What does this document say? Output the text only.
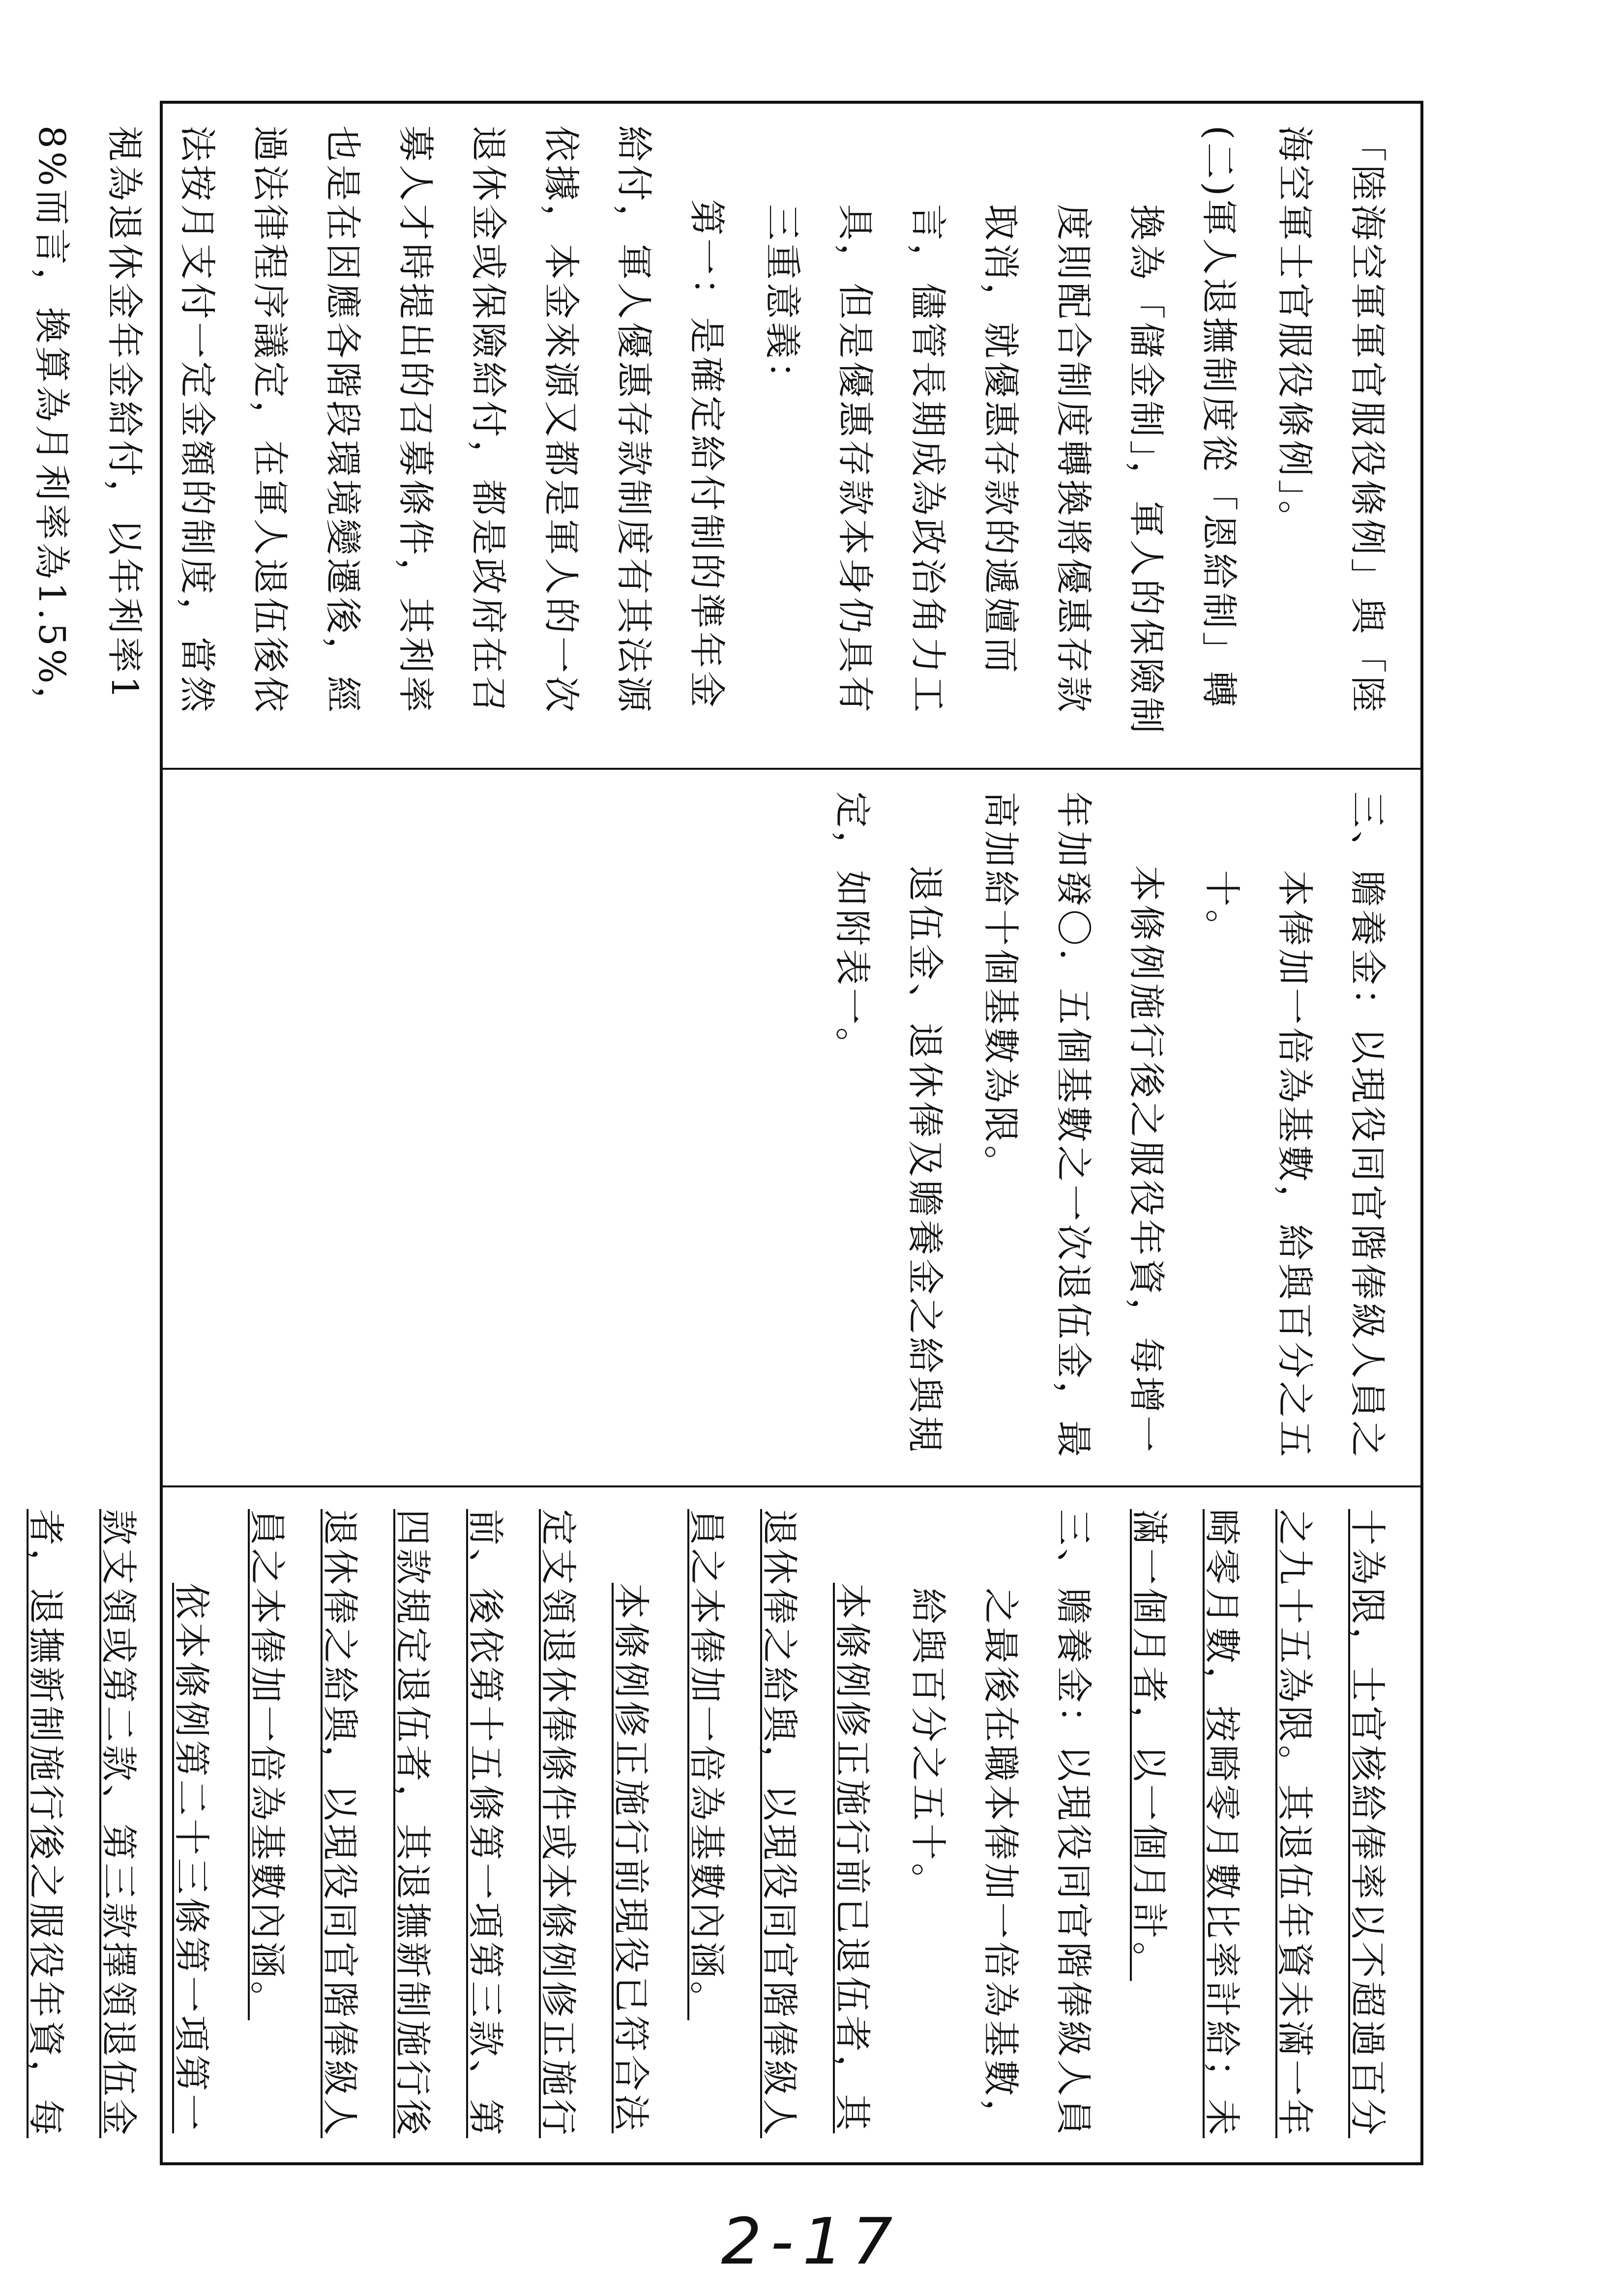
「陸海空軍軍官服役條例」與「陸海空軍士官服役條例」。

(二)軍人退撫制度從「恩給制」轉換為「儲金制」，軍人的保險制度則配合制度轉換將優惠存款取消，就優惠存款的遞嬗而言，儘管長期成為政治角力工具，但是優惠存款本身仍具有三重意義：

第一：是確定給付制的準年金給付，軍人優惠存款制度有其法源依據，本金來源又都是軍人的一次退休金或保險給付，都是政府在召募人才時提出的召募條件，其利率也是在因應各階段環境變遷後，經過法律程序議定，在軍人退伍後依法按月支付一定金額的制度，當然視為退休金年金給付，以年利率18%而言，換算為月利率為1.5%，

三、贍養金：以現役同官階俸級人員之本俸加一倍為基數，給與百分之五十。

本條例施行後之服役年資，每增一年加發〇．五個基數之一次退伍金，最高加給十個基數為限。

退伍金、退休俸及贍養金之給與規定，如附表一。

十為限，士官核給俸率以不超過百分之九十五為限。其退伍年資未滿一年畸零月數，按畸零月數比率計給；未滿一個月者，以一個月計。

三、贍養金：以現役同官階俸級人員之最後在職本俸加一倍為基數，給與百分之五十。

本條例修正施行前已退伍者，其退休俸之給與，以現役同官階俸級人員之本俸加一倍為基數內涵。

本條例修正施行前現役已符合法定支領退休俸條件或本條例修正施行前、後依第十五條第一項第三款、第四款規定退伍者，其退撫新制施行後退休俸之給與，以現役同官階俸級人員之本俸加一倍為基數內涵。

依本條例第二十三條第一項第一款支領或第二款、第三款擇領退伍金者，退撫新制施行後之服役年資，每

2-17
